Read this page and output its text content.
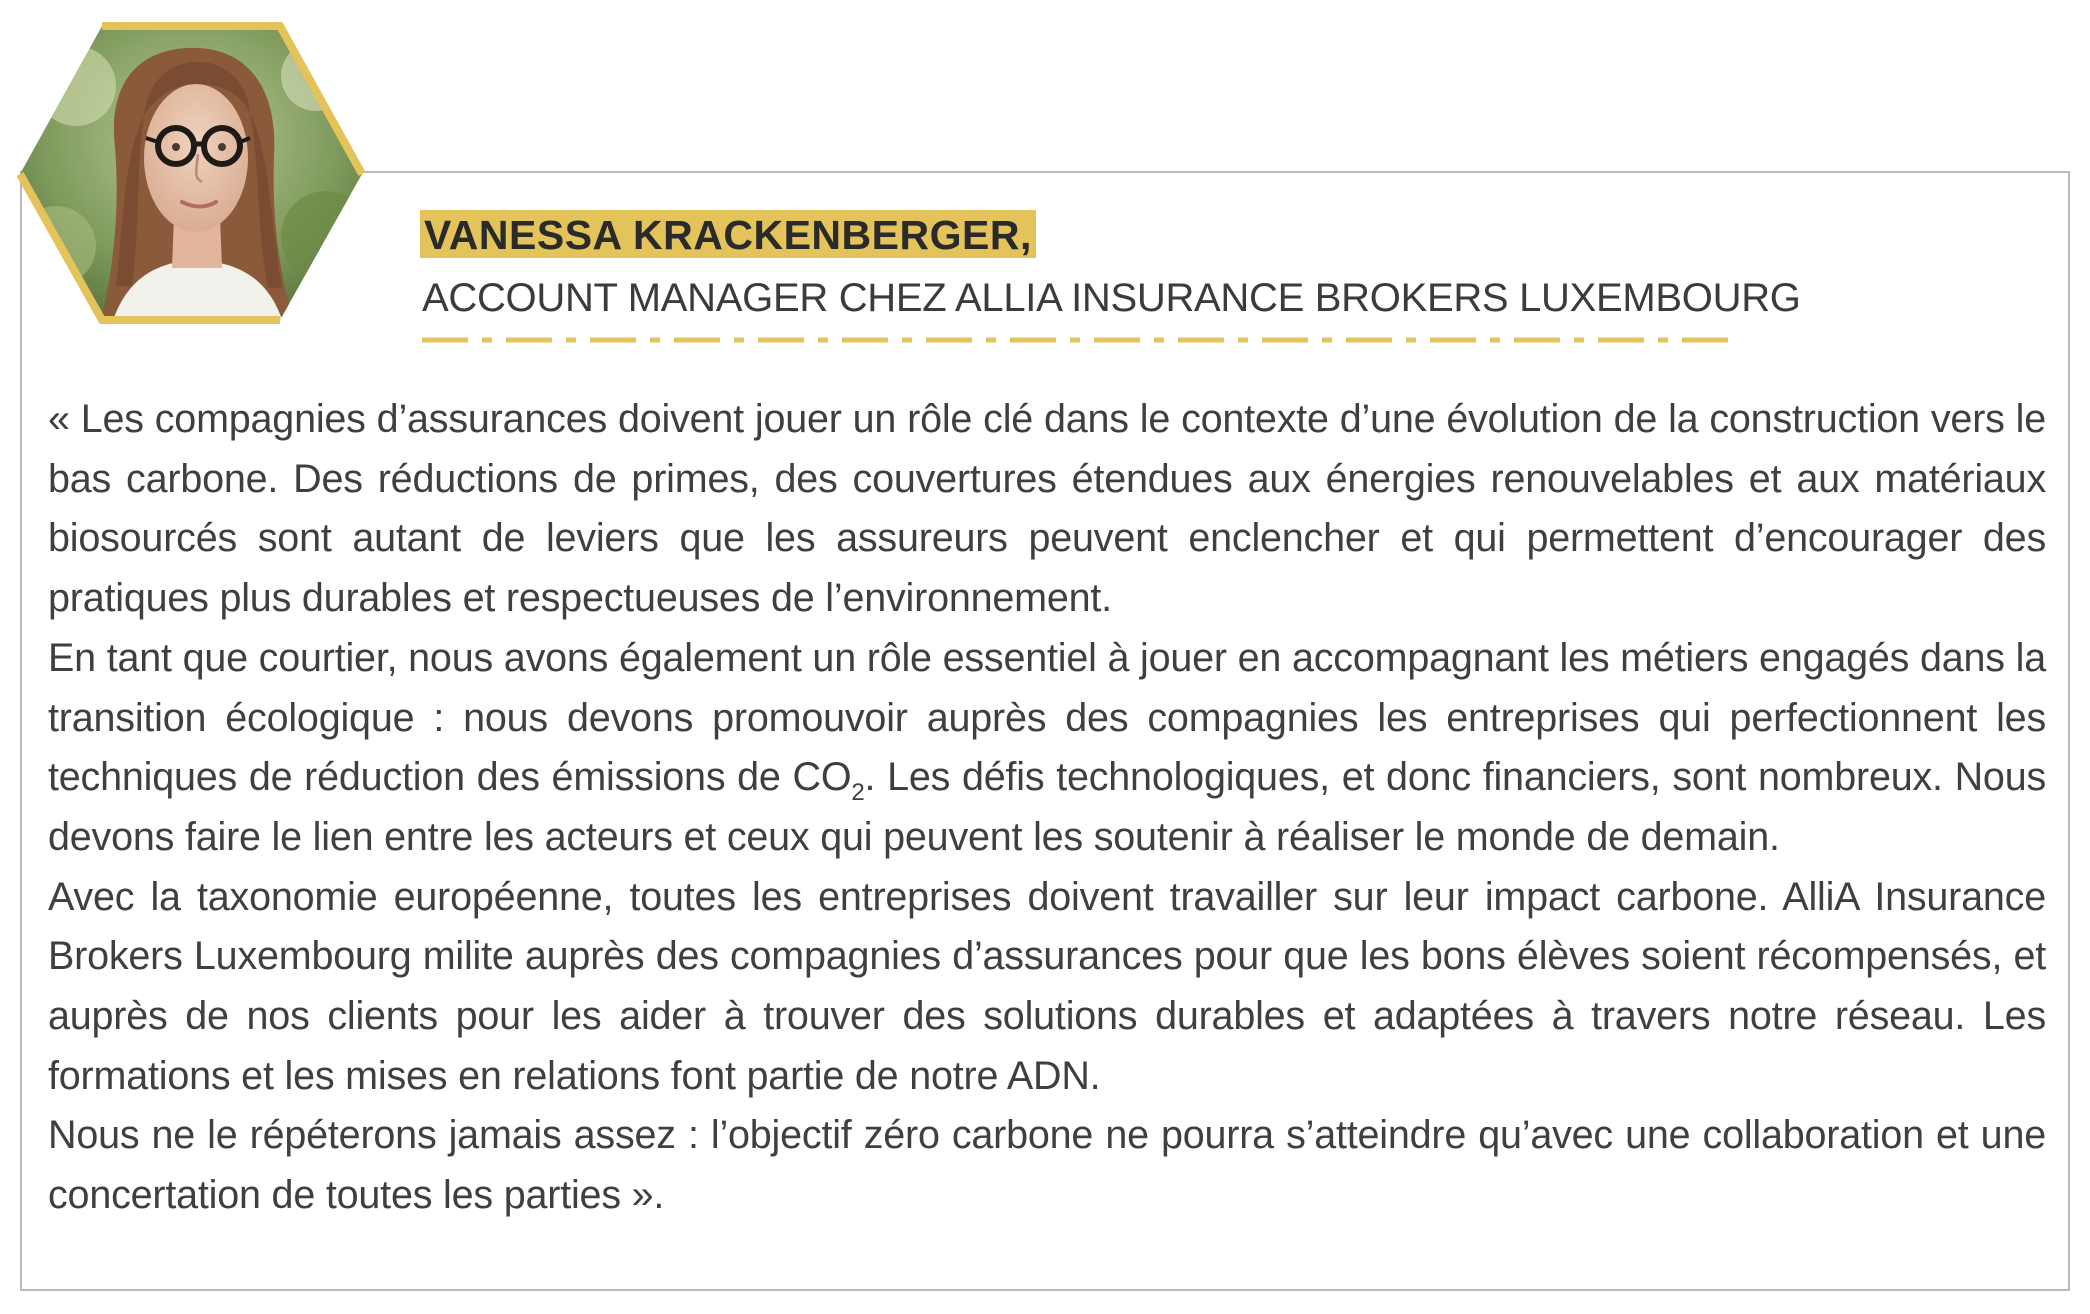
VANESSA KRACKENBERGER,
ACCOUNT MANAGER CHEZ ALLIA INSURANCE BROKERS LUXEMBOURG

« Les compagnies d’assurances doivent jouer un rôle clé dans le contexte d’une évolution de la construction vers le bas carbone. Des réductions de primes, des couvertures étendues aux énergies renouvelables et aux matériaux biosourcés sont autant de leviers que les assureurs peuvent enclencher et qui permettent d’encourager des pratiques plus durables et respectueuses de l’environnement.

En tant que courtier, nous avons également un rôle essentiel à jouer en accompagnant les métiers engagés dans la transition écologique : nous devons promouvoir auprès des compagnies les entreprises qui perfectionnent les techniques de réduction des émissions de $CO_2$. Les défis technologiques, et donc financiers, sont nombreux. Nous devons faire le lien entre les acteurs et ceux qui peuvent les soutenir à réaliser le monde de demain.

Avec la taxonomie européenne, toutes les entreprises doivent travailler sur leur impact carbone. AlliA Insurance Brokers Luxembourg milite auprès des compagnies d’assurances pour que les bons élèves soient récompensés, et auprès de nos clients pour les aider à trouver des solutions durables et adaptées à travers notre réseau. Les formations et les mises en relations font partie de notre ADN.

Nous ne le répéterons jamais assez : l’objectif zéro carbone ne pourra s’atteindre qu’avec une collaboration et une concertation de toutes les parties ».
